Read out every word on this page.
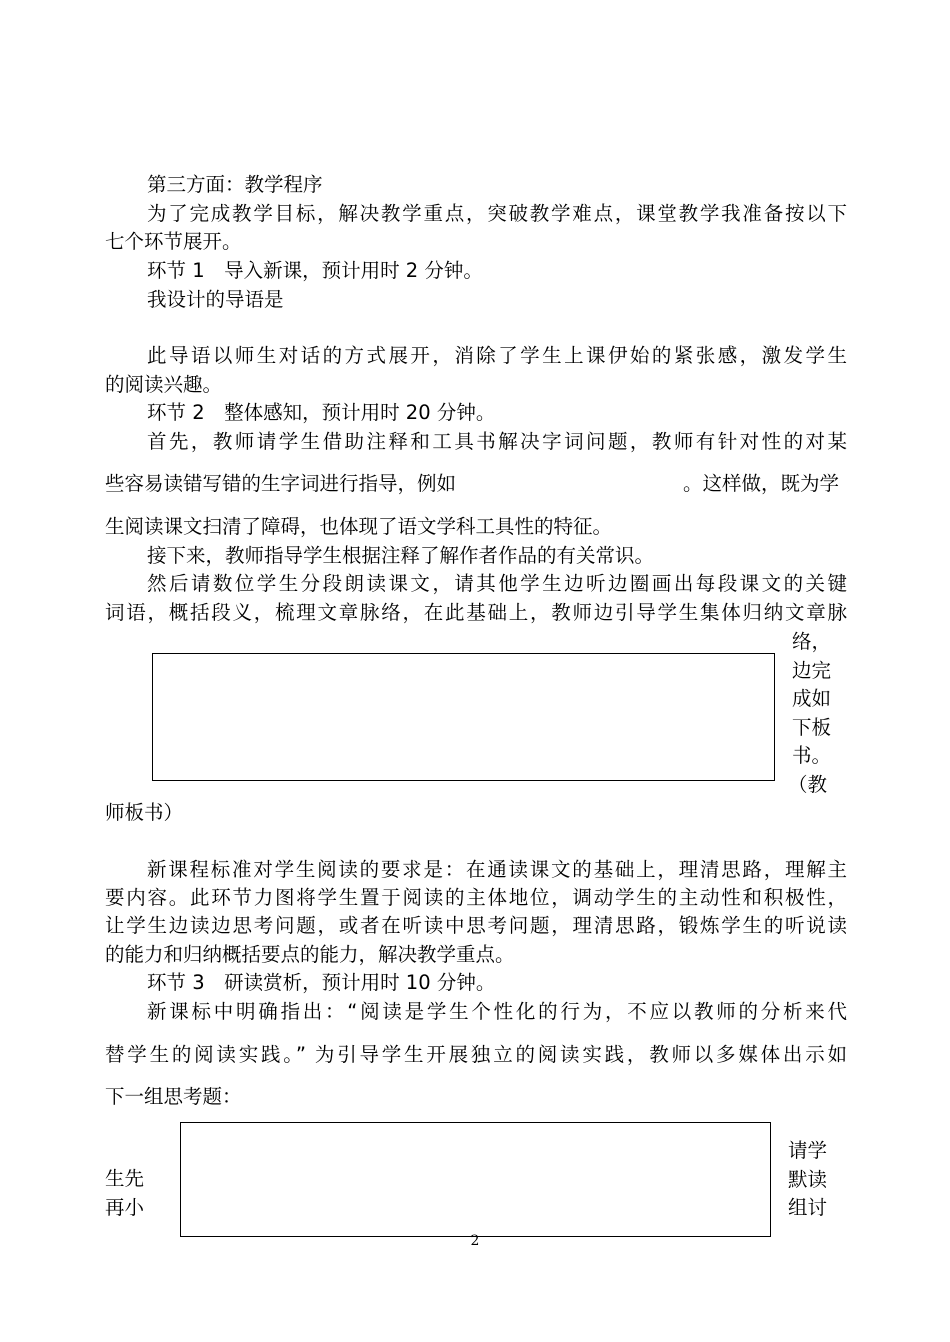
第三方面：教学程序
为了完成教学目标，解决教学重点，突破教学难点，课堂教学我准备按以下
七个环节展开。
环节 1　导入新课，预计用时 2 分钟。
我设计的导语是
此导语以师生对话的方式展开，消除了学生上课伊始的紧张感，激发学生
的阅读兴趣。
环节 2　整体感知，预计用时 20 分钟。
首先，教师请学生借助注释和工具书解决字词问题，教师有针对性的对某
些容易读错写错的生字词进行指导，例如	。这样做，既为学
生阅读课文扫清了障碍，也体现了语文学科工具性的特征。
接下来，教师指导学生根据注释了解作者作品的有关常识。
然后请数位学生分段朗读课文，请其他学生边听边圈画出每段课文的关键
词语，概括段义，梳理文章脉络，在此基础上，教师边引导学生集体归纳文章脉
络，
边完
成如
下板
书。
（教
师板书）
新课程标准对学生阅读的要求是：在通读课文的基础上，理清思路，理解主
要内容。此环节力图将学生置于阅读的主体地位，调动学生的主动性和积极性，
让学生边读边思考问题，或者在听读中思考问题，理清思路，锻炼学生的听说读
的能力和归纳概括要点的能力，解决教学重点。
环节 3　研读赏析，预计用时 10 分钟。
新课标中明确指出：“阅读是学生个性化的行为，不应以教师的分析来代
替学生的阅读实践。” 为引导学生开展独立的阅读实践，教师以多媒体出示如
下一组思考题：
生先
再小
请学
默读
组讨
2
